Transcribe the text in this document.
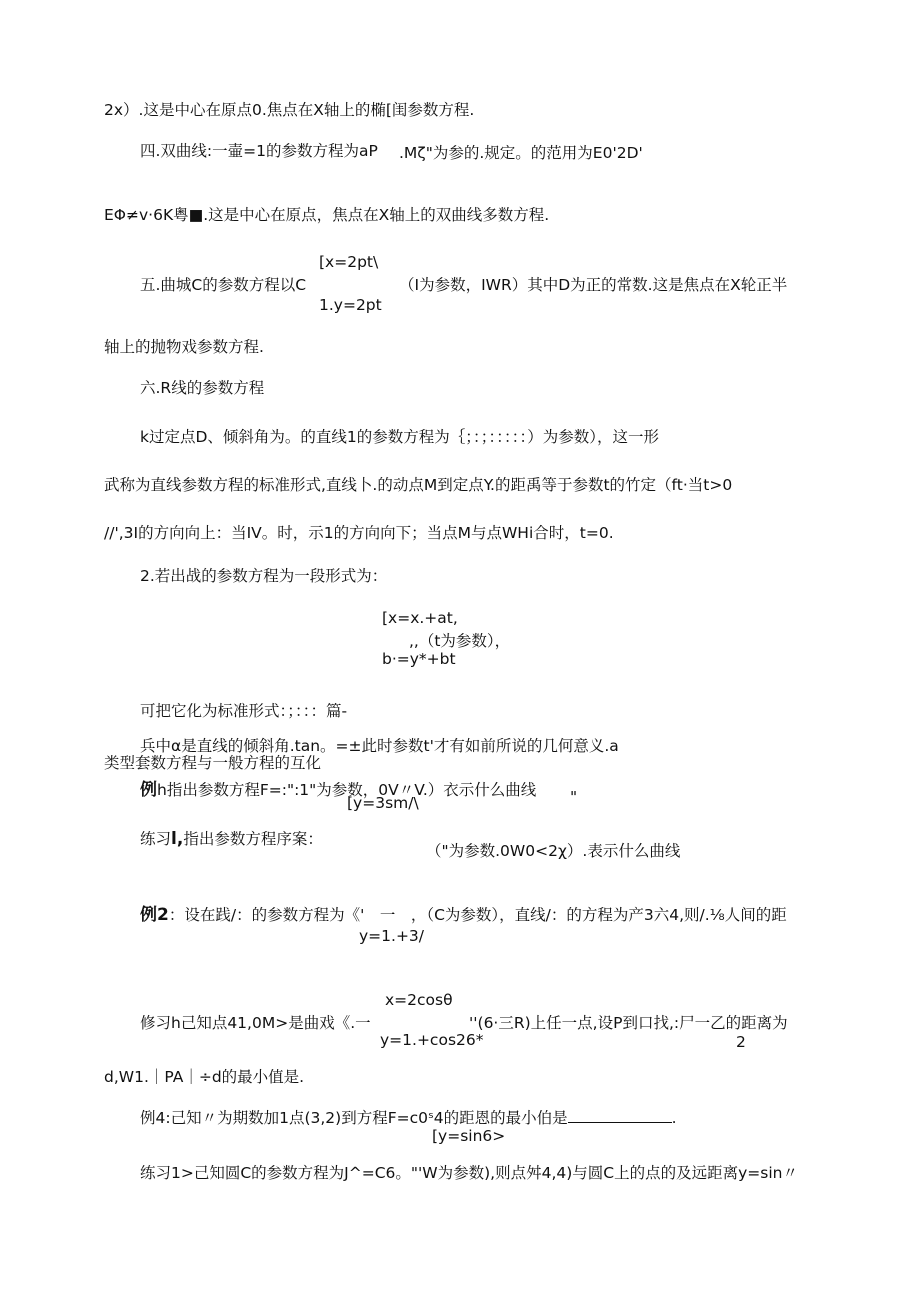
2x）.这是中心在原点0.焦点在X轴上的椭[闺参数方程.
四.双曲线:一壷=1的参数方程为aP .Mζ"为参的.规定。的范用为E0'2D'
EΦ≠v·6K粤■.这是中心在原点，焦点在X轴上的双曲线多数方程.
[x=2pt\
五.曲城C的参数方程以C	（I为参数，IWR）其中D为正的常数.这是焦点在X轮正半
1.y=2pt
轴上的抛物戏参数方程.
六.R线的参数方程
k过定点D、倾斜角为。的直线1的参数方程为｛；：；：：：：：）为参数），这一形
武称为直线参数方程的标准形式,直线卜.的动点M到定点Y.的距禹等于参数t的竹定（ft·当t>0
//',3I的方向向上：当IV。时，示1的方向向下；当点M与点WHi合时，t=0.
2.若出战的参数方程为一段形式为：
[x=x.+at,
,,（t为参数），
b·=y*+bt
可把它化为标准形式：；：：：篇-
兵中α是直线的倾斜角.tan。=±此时参数t'才有如前所说的几何意义.a
类型套数方程与一般方程的互化
例h指出参数方程F=:":1"为参数，0V〃V.）衣示什么曲线 "
[y=3sm/\
练习l,指出参数方程序案：
（"为参数.0W0<2χ）.表示什么曲线
例2：设在践/：的参数方程为《'　一　，（C为参数），直线/：的方程为产3六4,则/.⅛人间的距
y=1.+3/
x=2cosθ
修习h己知点41,0M>是曲戏《.一	''(6·三R)上任一点,设P到口找,:尸一乙的距离为
y=1.+cos26*	2
d,W1.｜PA｜÷d的最小值是.
例4:己知〃为期数加1点(3,2)到方程F=c0ˢ4的距恩的最小伯是	.
[y=sin6>
练习1>己知圆C的参数方程为J^=C6。"'W为参数),则点舛4,4)与圆C上的点的及远距离y=sin〃
